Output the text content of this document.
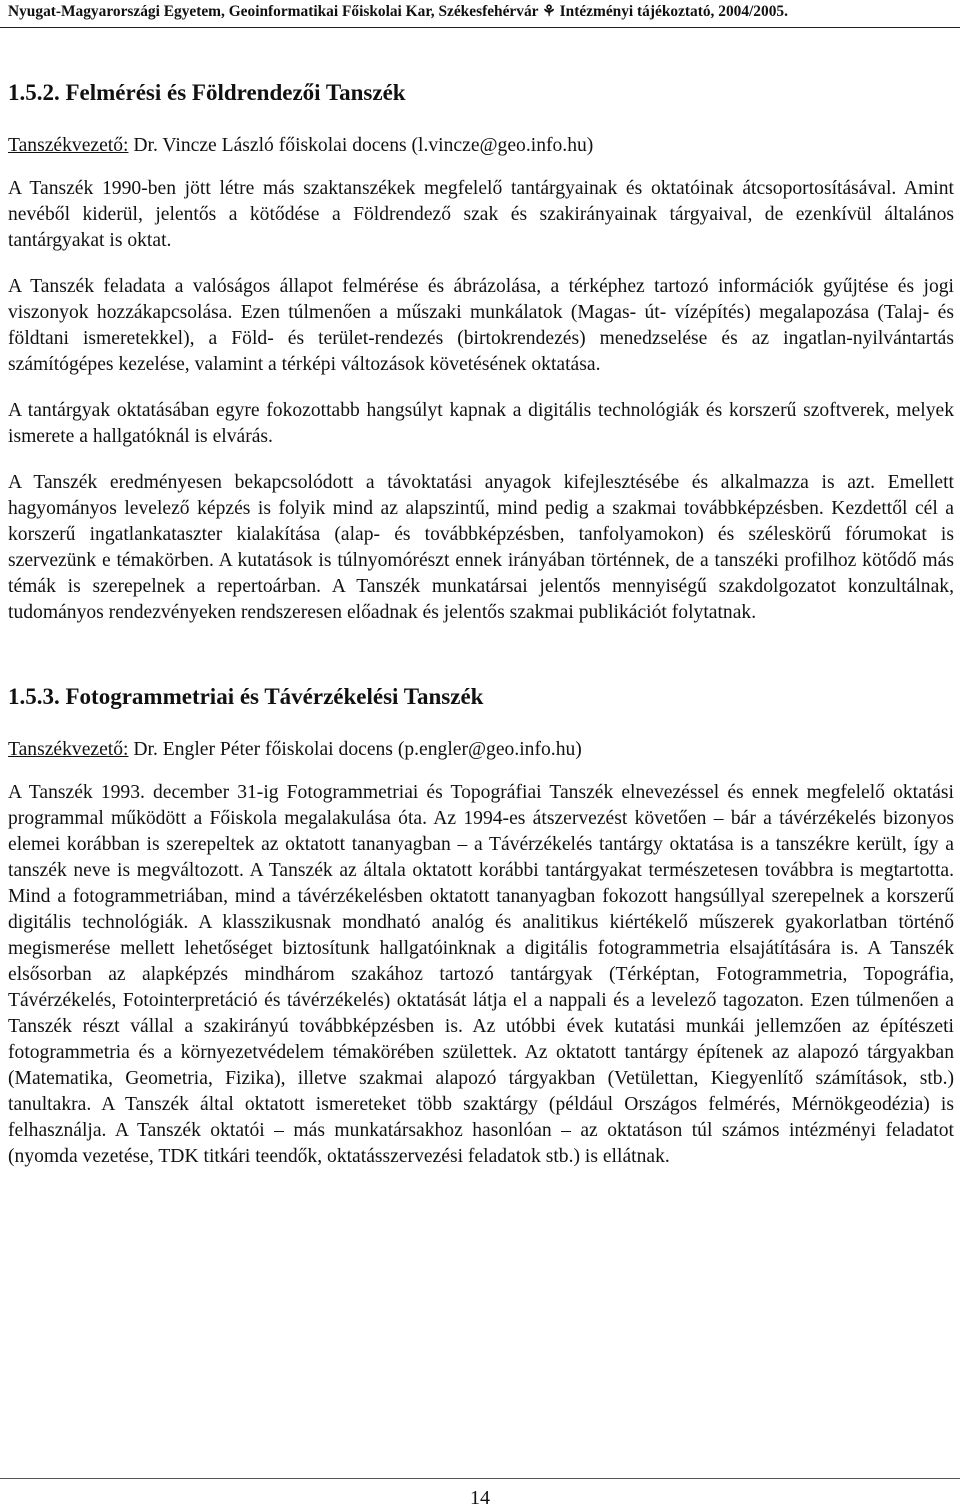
Nyugat-Magyarországi Egyetem, Geoinformatikai Főiskolai Kar, Székesfehérvár ⚘ Intézményi tájékoztató, 2004/2005.
1.5.2. Felmérési és Földrendezői Tanszék
Tanszékvezető: Dr. Vincze László főiskolai docens (l.vincze@geo.info.hu)

A Tanszék 1990-ben jött létre más szaktanszékek megfelelő tantárgyainak és oktatóinak átcsoportosításával. Amint nevéből kiderül, jelentős a kötődése a Földrendező szak és szakirányainak tárgyaival, de ezenkívül általános tantárgyakat is oktat.

A Tanszék feladata a valóságos állapot felmérése és ábrázolása, a térképhez tartozó információk gyűjtése és jogi viszonyok hozzákapcsolása. Ezen túlmenően a műszaki munkálatok (Magas- út- vízépítés) megalapozása (Talaj- és földtani ismeretekkel), a Föld- és terület-rendezés (birtokrendezés) menedzselése és az ingatlan-nyilvántartás számítógépes kezelése, valamint a térképi változások követésének oktatása.

A tantárgyak oktatásában egyre fokozottabb hangsúlyt kapnak a digitális technológiák és korszerű szoftverek, melyek ismerete a hallgatóknál is elvárás.

A Tanszék eredményesen bekapcsolódott a távoktatási anyagok kifejlesztésébe és alkalmazza is azt. Emellett hagyományos levelező képzés is folyik mind az alapszintű, mind pedig a szakmai továbbképzésben. Kezdettől cél a korszerű ingatlankataszter kialakítása (alap- és továbbképzésben, tanfolyamokon) és széleskörű fórumokat is szervezünk e témakörben. A kutatások is túlnyomórészt ennek irányában történnek, de a tanszéki profilhoz kötődő más témák is szerepelnek a repertoárban. A Tanszék munkatársai jelentős mennyiségű szakdolgozatot konzultálnak, tudományos rendezvényeken rendszeresen előadnak és jelentős szakmai publikációt folytatnak.

1.5.3. Fotogrammetriai és Távérzékelési Tanszék
Tanszékvezető: Dr. Engler Péter főiskolai docens (p.engler@geo.info.hu)

A Tanszék 1993. december 31-ig Fotogrammetriai és Topográfiai Tanszék elnevezéssel és ennek megfelelő oktatási programmal működött a Főiskola megalakulása óta. Az 1994-es átszervezést követően – bár a távérzékelés bizonyos elemei korábban is szerepeltek az oktatott tananyagban – a Távérzékelés tantárgy oktatása is a tanszékre került, így a tanszék neve is megváltozott. A Tanszék az általa oktatott korábbi tantárgyakat természetesen továbbra is megtartotta. Mind a fotogrammetriában, mind a távérzékelésben oktatott tananyagban fokozott hangsúllyal szerepelnek a korszerű digitális technológiák. A klasszikusnak mondható analóg és analitikus kiértékelő műszerek gyakorlatban történő megismerése mellett lehetőséget biztosítunk hallgatóinknak a digitális fotogrammetria elsajátítására is. A Tanszék elsősorban az alapképzés mindhárom szakához tartozó tantárgyak (Térképtan, Fotogrammetria, Topográfia, Távérzékelés, Fotointerpretáció és távérzékelés) oktatását látja el a nappali és a levelező tagozaton. Ezen túlmenően a Tanszék részt vállal a szakirányú továbbképzésben is. Az utóbbi évek kutatási munkái jellemzően az építészeti fotogrammetria és a környezetvédelem témakörében születtek. Az oktatott tantárgy építenek az alapozó tárgyakban (Matematika, Geometria, Fizika), illetve szakmai alapozó tárgyakban (Vetülettan, Kiegyenlítő számítások, stb.) tanultakra. A Tanszék által oktatott ismereteket több szaktárgy (például Országos felmérés, Mérnökgeodézia) is felhasználja. A Tanszék oktatói – más munkatársakhoz hasonlóan – az oktatáson túl számos intézményi feladatot (nyomda vezetése, TDK titkári teendők, oktatásszervezési feladatok stb.) is ellátnak.

14
